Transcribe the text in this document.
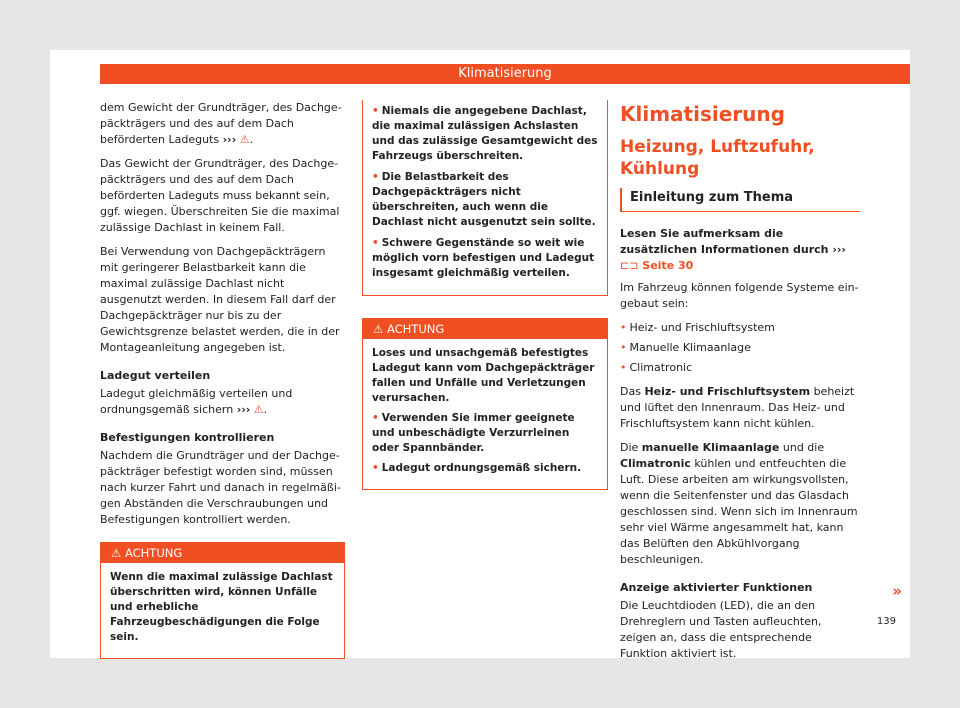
Klimatisierung

dem Gewicht der Grundträger, des Dachgepäckträgers und des auf dem Dach beförderten Ladeguts ››› ⚠.

Das Gewicht der Grundträger, des Dachgepäckträgers und des auf dem Dach beförderten Ladeguts muss bekannt sein, ggf. wiegen. Überschreiten Sie die maximal zulässige Dachlast in keinem Fall.

Bei Verwendung von Dachgepäckträgern mit geringerer Belastbarkeit kann die maximal zulässige Dachlast nicht ausgenutzt werden. In diesem Fall darf der Dachgepäckträger nur bis zu der Gewichtsgrenze belastet werden, die in der Montageanleitung angegeben ist.

Ladegut verteilen

Ladegut gleichmäßig verteilen und ordnungsgemäß sichern ››› ⚠.

Befestigungen kontrollieren

Nachdem die Grundträger und der Dachgepäckträger befestigt worden sind, müssen nach kurzer Fahrt und danach in regelmäßigen Abständen die Verschraubungen und Befestigungen kontrolliert werden.

⚠ ACHTUNG

Wenn die maximal zulässige Dachlast überschritten wird, können Unfälle und erhebliche Fahrzeugbeschädigungen die Folge sein.

• Niemals die angegebene Dachlast, die maximal zulässigen Achslasten und das zulässige Gesamtgewicht des Fahrzeugs überschreiten.
• Die Belastbarkeit des Dachgepäckträgers nicht überschreiten, auch wenn die Dachlast nicht ausgenutzt sein sollte.
• Schwere Gegenstände so weit wie möglich vorn befestigen und Ladegut insgesamt gleichmäßig verteilen.
⚠ ACHTUNG

Loses und unsachgemäß befestigtes Ladegut kann vom Dachgepäckträger fallen und Unfälle und Verletzungen verursachen.

• Verwenden Sie immer geeignete und unbeschädigte Verzurrleinen oder Spannbänder.
• Ladegut ordnungsgemäß sichern.
Klimatisierung
Heizung, Luftzufuhr, Kühlung
Einleitung zum Thema

Lesen Sie aufmerksam die zusätzlichen Informationen durch ››› ⊏⊐ Seite 30

Im Fahrzeug können folgende Systeme eingebaut sein:

• Heiz- und Frischluftsystem
• Manuelle Klimaanlage
• Climatronic

Das Heiz- und Frischluftsystem beheizt und lüftet den Innenraum. Das Heiz- und Frischluftsystem kann nicht kühlen.

Die manuelle Klimaanlage und die Climatronic kühlen und entfeuchten die Luft. Diese arbeiten am wirkungsvollsten, wenn die Seitenfenster und das Glasdach geschlossen sind. Wenn sich im Innenraum sehr viel Wärme angesammelt hat, kann das Belüften den Abkühlvorgang beschleunigen.

Anzeige aktivierter Funktionen

Die Leuchtdioden (LED), die an den Drehreglern und Tasten aufleuchten, zeigen an, dass die entsprechende Funktion aktiviert ist.

»
139
